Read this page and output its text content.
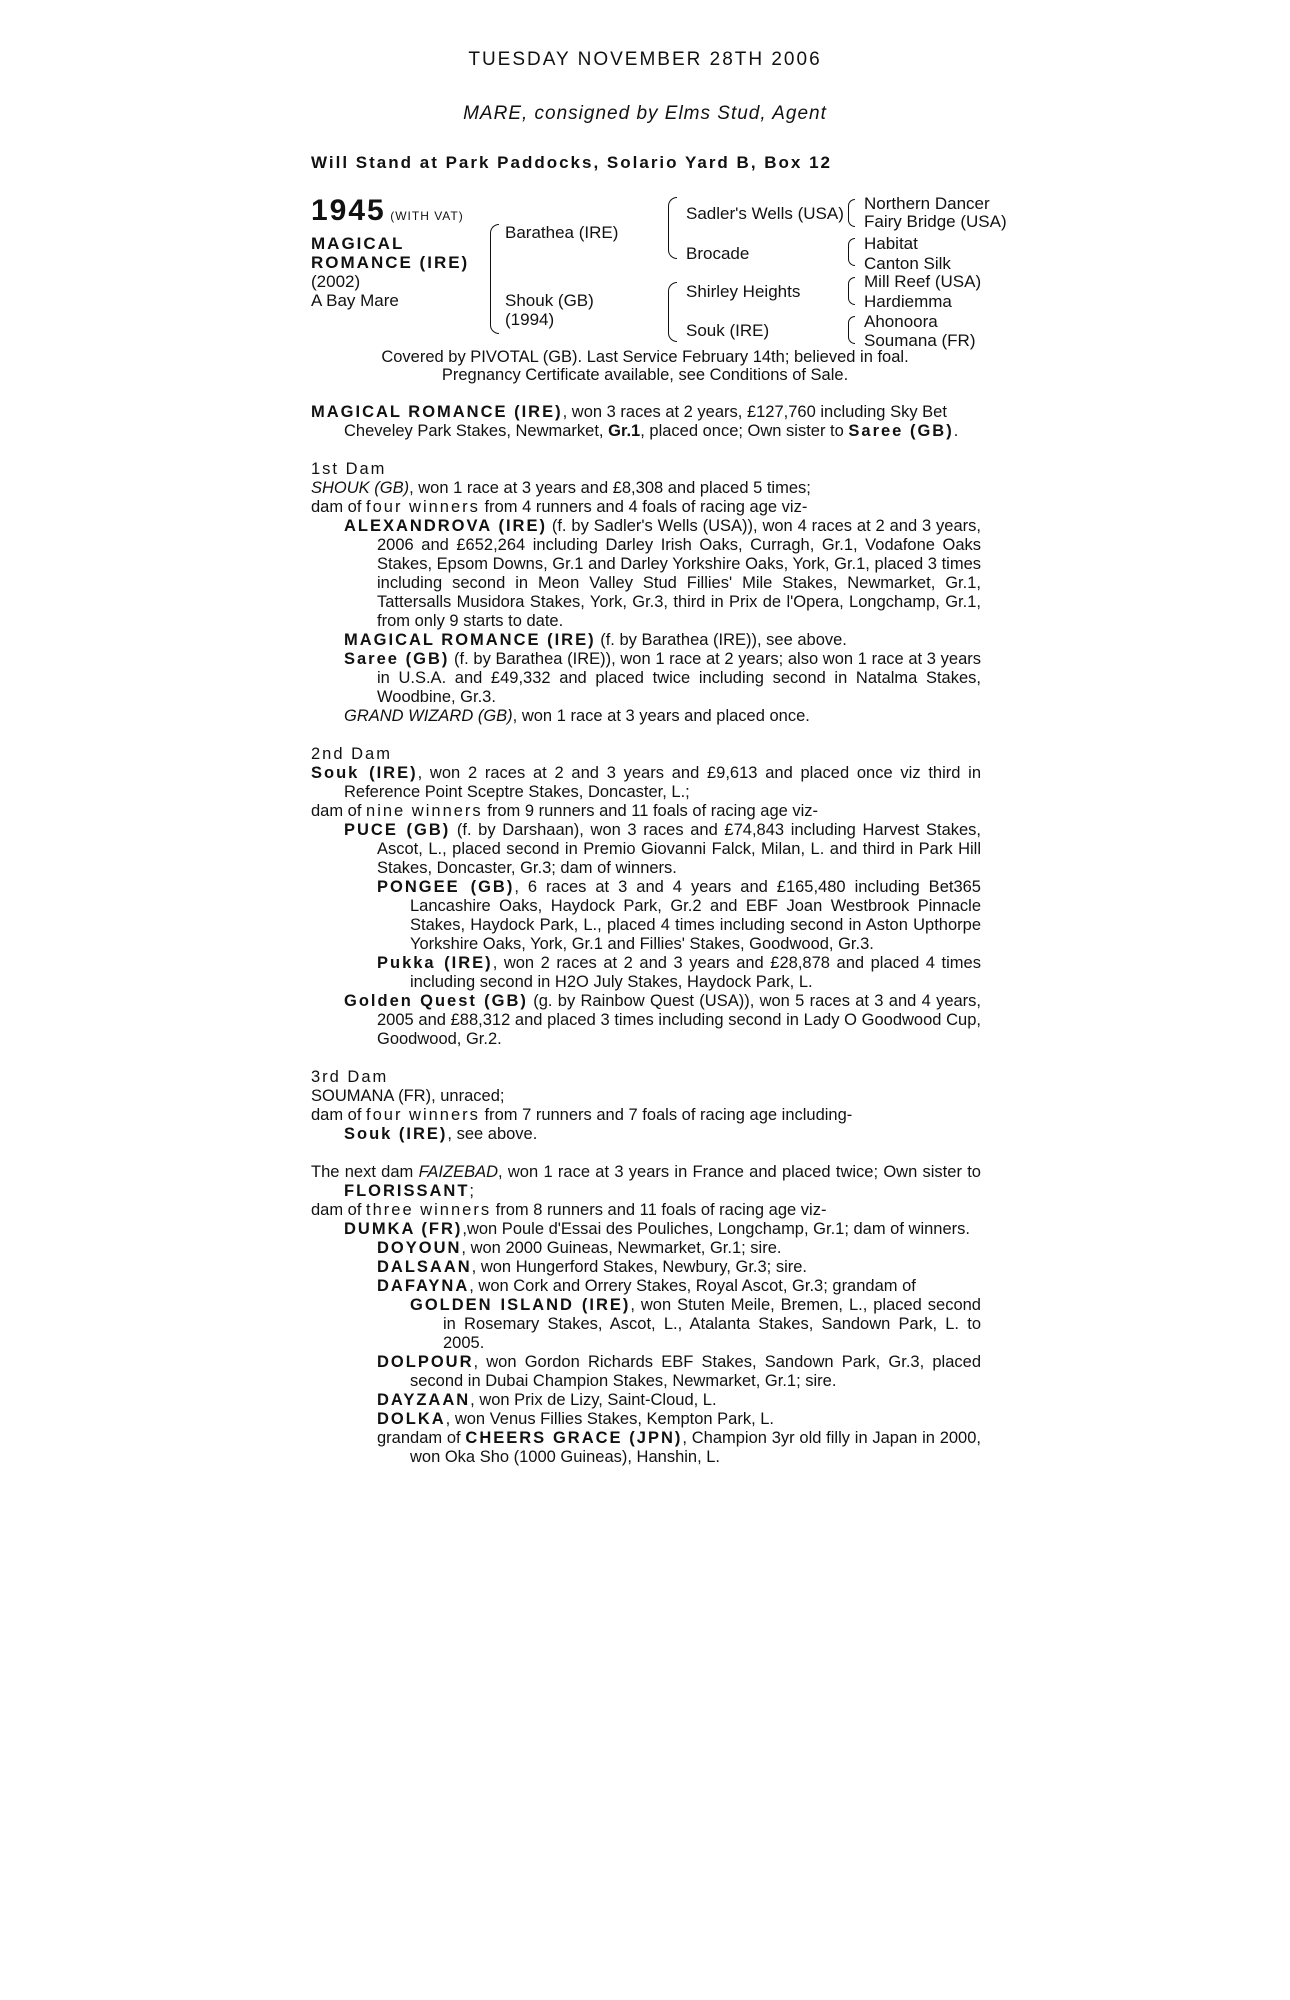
TUESDAY NOVEMBER 28TH 2006
MARE, consigned by Elms Stud, Agent
Will Stand at Park Paddocks, Solario Yard B, Box 12
1945 (WITH VAT)
MAGICAL
ROMANCE (IRE)
(2002)
A Bay Mare
Barathea (IRE)
Shouk (GB)
(1994)
Sadler's Wells (USA)
Brocade
Shirley Heights
Souk (IRE)
Northern Dancer
Fairy Bridge (USA)
Habitat
Canton Silk
Mill Reef (USA)
Hardiemma
Ahonoora
Soumana (FR)
Covered by PIVOTAL (GB). Last Service February 14th; believed in foal.
Pregnancy Certificate available, see Conditions of Sale.

MAGICAL ROMANCE (IRE), won 3 races at 2 years, £127,760 including Sky Bet

Cheveley Park Stakes, Newmarket, Gr.1, placed once; Own sister to Saree (GB).

1st Dam

SHOUK (GB), won 1 race at 3 years and £8,308 and placed 5 times;

dam of four winners from 4 runners and 4 foals of racing age viz-

ALEXANDROVA (IRE) (f. by Sadler's Wells (USA)), won 4 races at 2 and 3 years, 2006 and £652,264 including Darley Irish Oaks, Curragh, Gr.1, Vodafone Oaks Stakes, Epsom Downs, Gr.1 and Darley Yorkshire Oaks, York, Gr.1, placed 3 times including second in Meon Valley Stud Fillies' Mile Stakes, Newmarket, Gr.1, Tattersalls Musidora Stakes, York, Gr.3, third in Prix de l'Opera, Longchamp, Gr.1, from only 9 starts to date.

MAGICAL ROMANCE (IRE) (f. by Barathea (IRE)), see above.

Saree (GB) (f. by Barathea (IRE)), won 1 race at 2 years; also won 1 race at 3 years in U.S.A. and £49,332 and placed twice including second in Natalma Stakes, Woodbine, Gr.3.

GRAND WIZARD (GB), won 1 race at 3 years and placed once.

2nd Dam

Souk (IRE), won 2 races at 2 and 3 years and £9,613 and placed once viz third in Reference Point Sceptre Stakes, Doncaster, L.;

dam of nine winners from 9 runners and 11 foals of racing age viz-

PUCE (GB) (f. by Darshaan), won 3 races and £74,843 including Harvest Stakes, Ascot, L., placed second in Premio Giovanni Falck, Milan, L. and third in Park Hill Stakes, Doncaster, Gr.3; dam of winners.

PONGEE (GB), 6 races at 3 and 4 years and £165,480 including Bet365 Lancashire Oaks, Haydock Park, Gr.2 and EBF Joan Westbrook Pinnacle Stakes, Haydock Park, L., placed 4 times including second in Aston Upthorpe Yorkshire Oaks, York, Gr.1 and Fillies' Stakes, Goodwood, Gr.3.

Pukka (IRE), won 2 races at 2 and 3 years and £28,878 and placed 4 times including second in H2O July Stakes, Haydock Park, L.

Golden Quest (GB) (g. by Rainbow Quest (USA)), won 5 races at 3 and 4 years, 2005 and £88,312 and placed 3 times including second in Lady O Goodwood Cup, Goodwood, Gr.2.

3rd Dam

SOUMANA (FR), unraced;

dam of four winners from 7 runners and 7 foals of racing age including-

Souk (IRE), see above.

The next dam FAIZEBAD, won 1 race at 3 years in France and placed twice; Own sister to FLORISSANT;

dam of three winners from 8 runners and 11 foals of racing age viz-

DUMKA (FR),won Poule d'Essai des Pouliches, Longchamp, Gr.1; dam of winners.

DOYOUN, won 2000 Guineas, Newmarket, Gr.1; sire.

DALSAAN, won Hungerford Stakes, Newbury, Gr.3; sire.

DAFAYNA, won Cork and Orrery Stakes, Royal Ascot, Gr.3; grandam of

GOLDEN ISLAND (IRE), won Stuten Meile, Bremen, L., placed second in Rosemary Stakes, Ascot, L., Atalanta Stakes, Sandown Park, L. to 2005.

DOLPOUR, won Gordon Richards EBF Stakes, Sandown Park, Gr.3, placed second in Dubai Champion Stakes, Newmarket, Gr.1; sire.

DAYZAAN, won Prix de Lizy, Saint-Cloud, L.

DOLKA, won Venus Fillies Stakes, Kempton Park, L.

grandam of CHEERS GRACE (JPN), Champion 3yr old filly in Japan in 2000, won Oka Sho (1000 Guineas), Hanshin, L.
